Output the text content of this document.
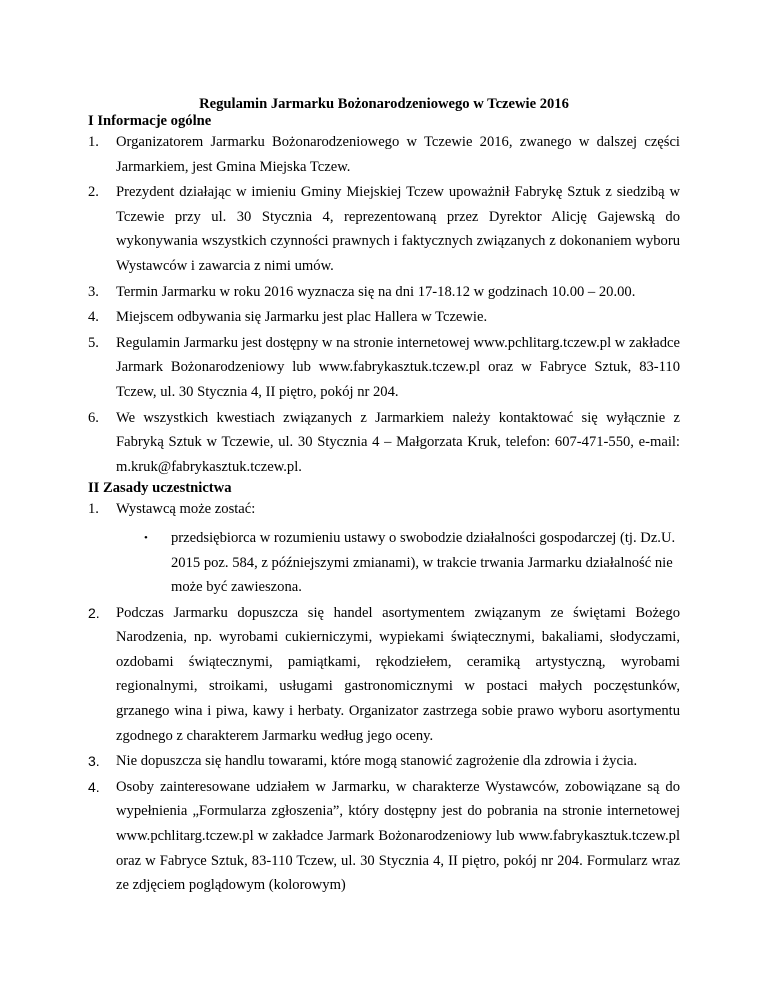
Regulamin Jarmarku Bożonarodzeniowego w Tczewie 2016

I Informacje ogólne

1. Organizatorem Jarmarku Bożonarodzeniowego w Tczewie 2016, zwanego w dalszej części Jarmarkiem, jest Gmina Miejska Tczew.
2. Prezydent działając w imieniu Gminy Miejskiej Tczew upoważnił Fabrykę Sztuk z siedzibą w Tczewie przy ul. 30 Stycznia 4, reprezentowaną przez Dyrektor Alicję Gajewską do wykonywania wszystkich czynności prawnych i faktycznych związanych z dokonaniem wyboru Wystawców i zawarcia z nimi umów.
3. Termin Jarmarku w roku 2016 wyznacza się na dni 17-18.12 w godzinach 10.00 – 20.00.
4. Miejscem odbywania się Jarmarku jest plac Hallera w Tczewie.
5. Regulamin Jarmarku jest dostępny w na stronie internetowej www.pchlitarg.tczew.pl w zakładce Jarmark Bożonarodzeniowy lub www.fabrykasztuk.tczew.pl oraz w Fabryce Sztuk, 83-110 Tczew, ul. 30 Stycznia 4, II piętro, pokój nr 204.
6. We wszystkich kwestiach związanych z Jarmarkiem należy kontaktować się wyłącznie z Fabryką Sztuk w Tczewie, ul. 30 Stycznia 4 – Małgorzata Kruk, telefon: 607-471-550, e-mail: m.kruk@fabrykasztuk.tczew.pl.

II Zasady uczestnictwa

1. Wystawcą może zostać:
• przedsiębiorca w rozumieniu ustawy o swobodzie działalności gospodarczej (tj. Dz.U. 2015 poz. 584, z późniejszymi zmianami), w trakcie trwania Jarmarku działalność nie może być zawieszona.
2. Podczas Jarmarku dopuszcza się handel asortymentem związanym ze świętami Bożego Narodzenia, np. wyrobami cukierniczymi, wypiekami świątecznymi, bakaliami, słodyczami, ozdobami świątecznymi, pamiątkami, rękodziełem, ceramiką artystyczną, wyrobami regionalnymi, stroikami, usługami gastronomicznymi w postaci małych poczęstunków, grzanego wina i piwa, kawy i herbaty. Organizator zastrzega sobie prawo wyboru asortymentu zgodnego z charakterem Jarmarku według jego oceny.
3. Nie dopuszcza się handlu towarami, które mogą stanowić zagrożenie dla zdrowia i życia.
4. Osoby zainteresowane udziałem w Jarmarku, w charakterze Wystawców, zobowiązane są do wypełnienia „Formularza zgłoszenia”, który dostępny jest do pobrania na stronie internetowej www.pchlitarg.tczew.pl w zakładce Jarmark Bożonarodzeniowy lub www.fabrykasztuk.tczew.pl oraz w Fabryce Sztuk, 83-110 Tczew, ul. 30 Stycznia 4, II piętro, pokój nr 204. Formularz wraz ze zdjęciem poglądowym (kolorowym)
